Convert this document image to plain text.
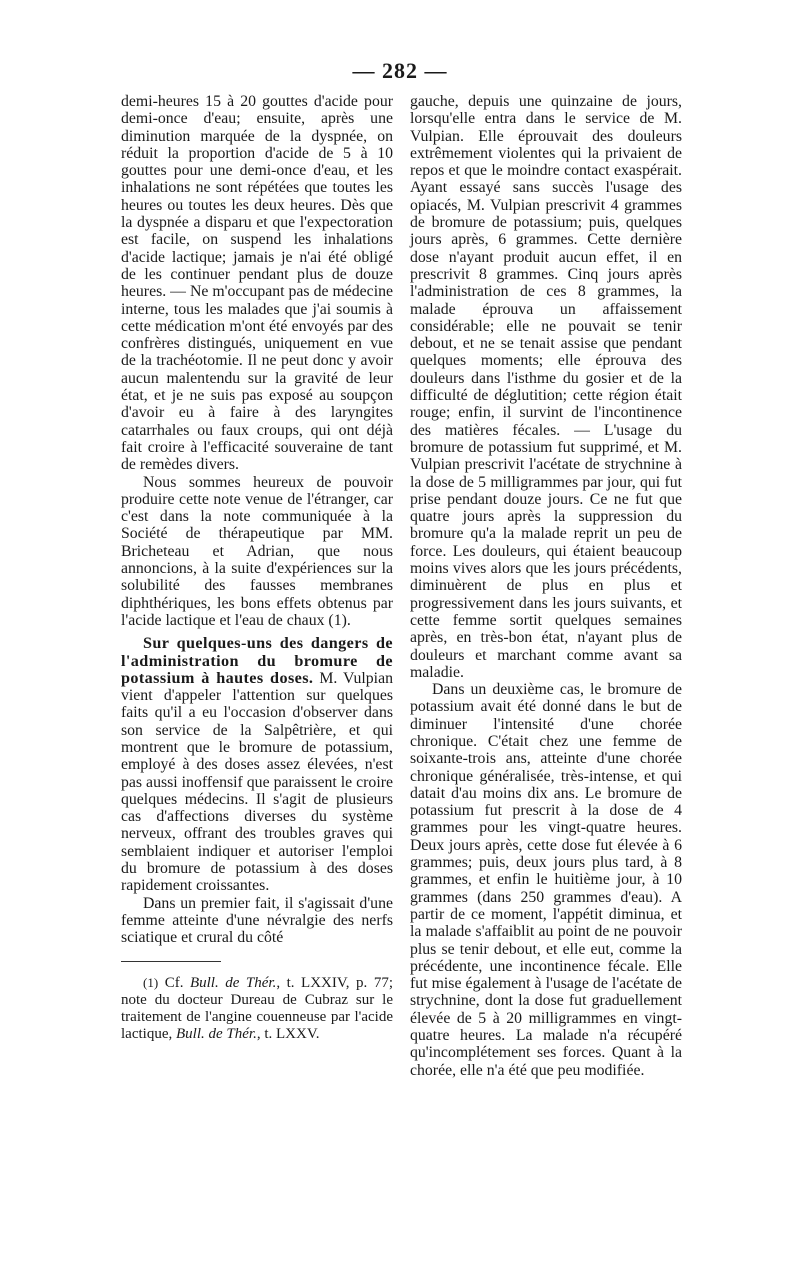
— 282 —

demi-heures 15 à 20 gouttes d'acide pour demi-once d'eau; ensuite, après une diminution marquée de la dyspnée, on réduit la proportion d'acide de 5 à 10 gouttes pour une demi-once d'eau, et les inhalations ne sont répétées que toutes les heures ou toutes les deux heures. Dès que la dyspnée a disparu et que l'expectoration est facile, on suspend les inhalations d'acide lactique; jamais je n'ai été obligé de les continuer pendant plus de douze heures. — Ne m'occupant pas de médecine interne, tous les malades que j'ai soumis à cette médication m'ont été envoyés par des confrères distingués, uniquement en vue de la trachéotomie. Il ne peut donc y avoir aucun malentendu sur la gravité de leur état, et je ne suis pas exposé au soupçon d'avoir eu à faire à des laryngites catarrhales ou faux croups, qui ont déjà fait croire à l'efficacité souveraine de tant de remèdes divers.

Nous sommes heureux de pouvoir produire cette note venue de l'étranger, car c'est dans la note communiquée à la Société de thérapeutique par MM. Bricheteau et Adrian, que nous annoncions, à la suite d'expériences sur la solubilité des fausses membranes diphthériques, les bons effets obtenus par l'acide lactique et l'eau de chaux (1).

Sur quelques-uns des dangers de l'administration du bromure de potassium à hautes doses. M. Vulpian vient d'appeler l'attention sur quelques faits qu'il a eu l'occasion d'observer dans son service de la Salpêtrière, et qui montrent que le bromure de potassium, employé à des doses assez élevées, n'est pas aussi inoffensif que paraissent le croire quelques médecins. Il s'agit de plusieurs cas d'affections diverses du système nerveux, offrant des troubles graves qui semblaient indiquer et autoriser l'emploi du bromure de potassium à des doses rapidement croissantes.

Dans un premier fait, il s'agissait d'une femme atteinte d'une névralgie des nerfs sciatique et crural du côté

(1) Cf. Bull. de Thér., t. LXXIV, p. 77; note du docteur Dureau de Cubraz sur le traitement de l'angine couenneuse par l'acide lactique, Bull. de Thér., t. LXXV.

gauche, depuis une quinzaine de jours, lorsqu'elle entra dans le service de M. Vulpian. Elle éprouvait des douleurs extrêmement violentes qui la privaient de repos et que le moindre contact exaspérait. Ayant essayé sans succès l'usage des opiacés, M. Vulpian prescrivit 4 grammes de bromure de potassium; puis, quelques jours après, 6 grammes. Cette dernière dose n'ayant produit aucun effet, il en prescrivit 8 grammes. Cinq jours après l'administration de ces 8 grammes, la malade éprouva un affaissement considérable; elle ne pouvait se tenir debout, et ne se tenait assise que pendant quelques moments; elle éprouva des douleurs dans l'isthme du gosier et de la difficulté de déglutition; cette région était rouge; enfin, il survint de l'incontinence des matières fécales. — L'usage du bromure de potassium fut supprimé, et M. Vulpian prescrivit l'acétate de strychnine à la dose de 5 milligrammes par jour, qui fut prise pendant douze jours. Ce ne fut que quatre jours après la suppression du bromure qu'a la malade reprit un peu de force. Les douleurs, qui étaient beaucoup moins vives alors que les jours précédents, diminuèrent de plus en plus et progressivement dans les jours suivants, et cette femme sortit quelques semaines après, en très-bon état, n'ayant plus de douleurs et marchant comme avant sa maladie.

Dans un deuxième cas, le bromure de potassium avait été donné dans le but de diminuer l'intensité d'une chorée chronique. C'était chez une femme de soixante-trois ans, atteinte d'une chorée chronique généralisée, très-intense, et qui datait d'au moins dix ans. Le bromure de potassium fut prescrit à la dose de 4 grammes pour les vingt-quatre heures. Deux jours après, cette dose fut élevée à 6 grammes; puis, deux jours plus tard, à 8 grammes, et enfin le huitième jour, à 10 grammes (dans 250 grammes d'eau). A partir de ce moment, l'appétit diminua, et la malade s'affaiblit au point de ne pouvoir plus se tenir debout, et elle eut, comme la précédente, une incontinence fécale. Elle fut mise également à l'usage de l'acétate de strychnine, dont la dose fut graduellement élevée de 5 à 20 milligrammes en vingt-quatre heures. La malade n'a récupéré qu'incomplétement ses forces. Quant à la chorée, elle n'a été que peu modifiée.
